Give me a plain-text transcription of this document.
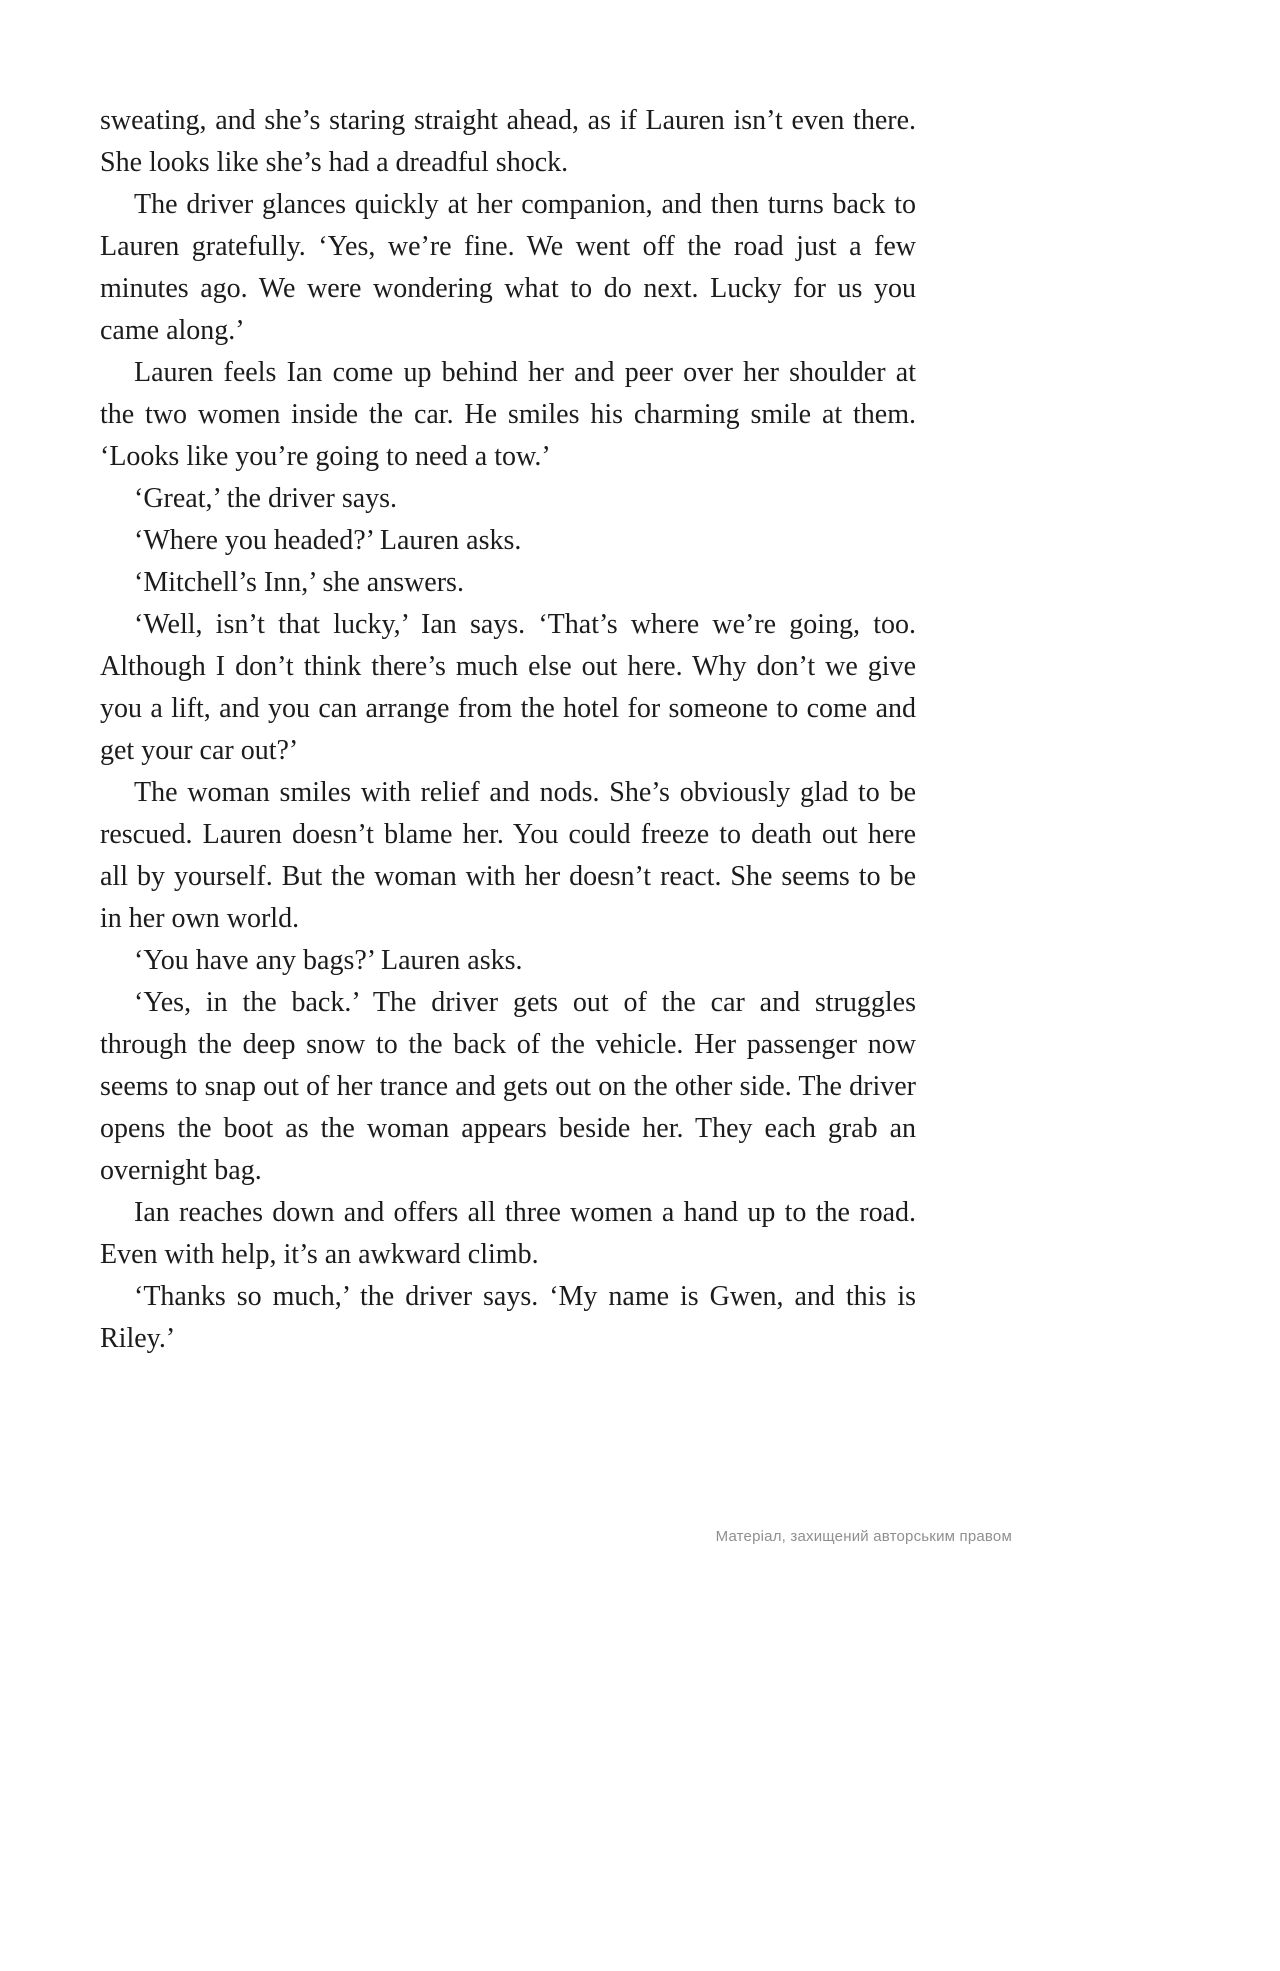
sweating, and she’s staring straight ahead, as if Lauren isn’t even there. She looks like she’s had a dreadful shock.

The driver glances quickly at her companion, and then turns back to Lauren gratefully. ‘Yes, we’re fine. We went off the road just a few minutes ago. We were wondering what to do next. Lucky for us you came along.’

Lauren feels Ian come up behind her and peer over her shoulder at the two women inside the car. He smiles his charming smile at them. ‘Looks like you’re going to need a tow.’

‘Great,’ the driver says.

‘Where you headed?’ Lauren asks.

‘Mitchell’s Inn,’ she answers.

‘Well, isn’t that lucky,’ Ian says. ‘That’s where we’re going, too. Although I don’t think there’s much else out here. Why don’t we give you a lift, and you can arrange from the hotel for someone to come and get your car out?’

The woman smiles with relief and nods. She’s obviously glad to be rescued. Lauren doesn’t blame her. You could freeze to death out here all by yourself. But the woman with her doesn’t react. She seems to be in her own world.

‘You have any bags?’ Lauren asks.

‘Yes, in the back.’ The driver gets out of the car and struggles through the deep snow to the back of the vehicle. Her passenger now seems to snap out of her trance and gets out on the other side. The driver opens the boot as the woman appears beside her. They each grab an overnight bag.

Ian reaches down and offers all three women a hand up to the road. Even with help, it’s an awkward climb.

‘Thanks so much,’ the driver says. ‘My name is Gwen, and this is Riley.’

Матеріал, захищений авторським правом
